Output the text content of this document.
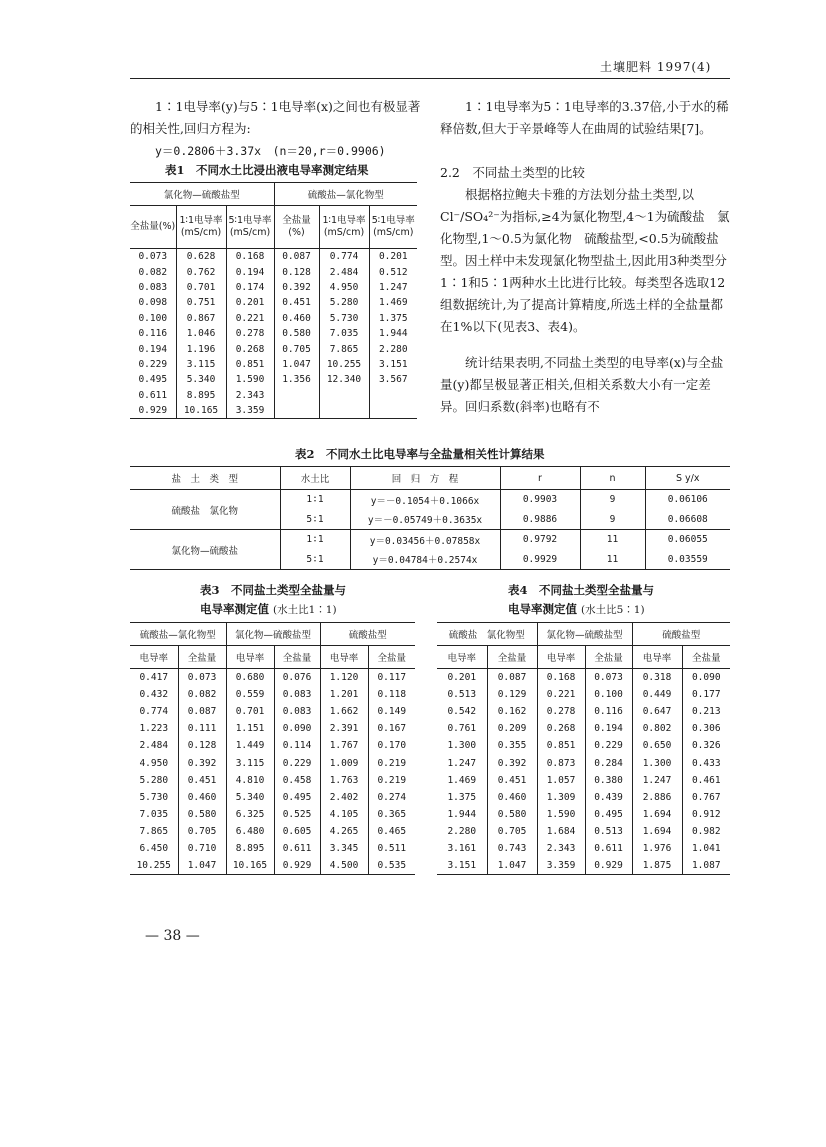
土壤肥料 1997(4)
1∶1电导率(y)与5∶1电导率(x)之间也有极显著的相关性,回归方程为:
y＝0.2806＋3.37x　(n＝20,r＝0.9906)
表1　不同水土比浸出液电导率测定结果
氯化物—硫酸盐型			硫酸盐—氯化物型		
全盐量(%)	1∶1电导率(mS/cm)	5∶1电导率(mS/cm)	全盐量(%)	1∶1电导率(mS/cm)	5∶1电导率(mS/cm)
0.073	0.628	0.168	0.087	0.774	0.201
0.082	0.762	0.194	0.128	2.484	0.512
0.083	0.701	0.174	0.392	4.950	1.247
0.098	0.751	0.201	0.451	5.280	1.469
0.100	0.867	0.221	0.460	5.730	1.375
0.116	1.046	0.278	0.580	7.035	1.944
0.194	1.196	0.268	0.705	7.865	2.280
0.229	3.115	0.851	1.047	10.255	3.151
0.495	5.340	1.590	1.356	12.340	3.567
0.611	8.895	2.343			
0.929	10.165	3.359			
1∶1电导率为5∶1电导率的3.37倍,小于水的稀释倍数,但大于辛景峰等人在曲周的试验结果[7]。
2.2　不同盐土类型的比较
根据格拉鲍夫卡雅的方法划分盐土类型,以Cl⁻/SO₄²⁻为指标,≥4为氯化物型,4～1为硫酸盐　氯化物型,1～0.5为氯化物　硫酸盐型,<0.5为硫酸盐型。因土样中未发现氯化物型盐土,因此用3种类型分1∶1和5∶1两种水土比进行比较。每类型各选取12组数据统计,为了提高计算精度,所选土样的全盐量都在1%以下(见表3、表4)。
统计结果表明,不同盐土类型的电导率(x)与全盐量(y)都呈极显著正相关,但相关系数大小有一定差异。回归系数(斜率)也略有不
表2　不同水土比电导率与全盐量相关性计算结果
盐　土　类　型	水土比	回　归　方　程	r	n	S y/x
硫酸盐　氯化物	1∶1	y＝－0.1054＋0.1066x	0.9903	9	0.06106
	5∶1	y＝－0.05749＋0.3635x	0.9886	9	0.06608
氯化物—硫酸盐	1∶1	y＝0.03456＋0.07858x	0.9792	11	0.06055
	5∶1	y＝0.04784＋0.2574x	0.9929	11	0.03559
表3　不同盐土类型全盐量与
电导率测定值 (水土比1∶1)
硫酸盐—氯化物型		氯化物—硫酸盐型		硫酸盐型	
电导率	全盐量	电导率	全盐量	电导率	全盐量
0.417	0.073	0.680	0.076	1.120	0.117
0.432	0.082	0.559	0.083	1.201	0.118
0.774	0.087	0.701	0.083	1.662	0.149
1.223	0.111	1.151	0.090	2.391	0.167
2.484	0.128	1.449	0.114	1.767	0.170
4.950	0.392	3.115	0.229	1.009	0.219
5.280	0.451	4.810	0.458	1.763	0.219
5.730	0.460	5.340	0.495	2.402	0.274
7.035	0.580	6.325	0.525	4.105	0.365
7.865	0.705	6.480	0.605	4.265	0.465
6.450	0.710	8.895	0.611	3.345	0.511
10.255	1.047	10.165	0.929	4.500	0.535
表4　不同盐土类型全盐量与
电导率测定值 (水土比5∶1)
硫酸盐　氯化物型		氯化物—硫酸盐型		硫酸盐型	
电导率	全盐量	电导率	全盐量	电导率	全盐量
0.201	0.087	0.168	0.073	0.318	0.090
0.513	0.129	0.221	0.100	0.449	0.177
0.542	0.162	0.278	0.116	0.647	0.213
0.761	0.209	0.268	0.194	0.802	0.306
1.300	0.355	0.851	0.229	0.650	0.326
1.247	0.392	0.873	0.284	1.300	0.433
1.469	0.451	1.057	0.380	1.247	0.461
1.375	0.460	1.309	0.439	2.886	0.767
1.944	0.580	1.590	0.495	1.694	0.912
2.280	0.705	1.684	0.513	1.694	0.982
3.161	0.743	2.343	0.611	1.976	1.041
3.151	1.047	3.359	0.929	1.875	1.087
— 38 —
